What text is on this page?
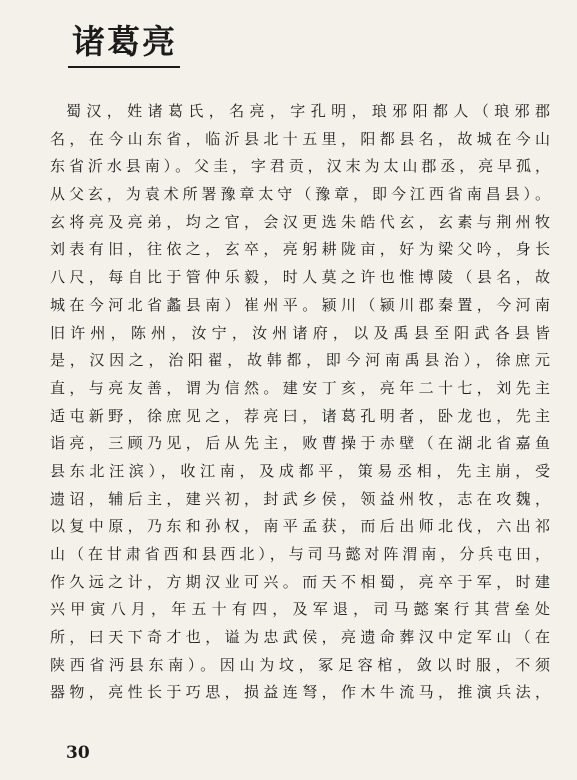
诸葛亮
蜀汉，姓诸葛氏，名亮，字孔明，琅邪阳都人（琅邪郡
名，在今山东省，临沂县北十五里，阳都县名，故城在今山
东省沂水县南）。父圭，字君贡，汉末为太山郡丞，亮早孤，
从父玄，为袁术所署豫章太守（豫章，即今江西省南昌县）。
玄将亮及亮弟，均之官，会汉更选朱皓代玄，玄素与荆州牧
刘表有旧，往依之，玄卒，亮躬耕陇亩，好为梁父吟，身长
八尺，每自比于管仲乐毅，时人莫之许也惟博陵（县名，故
城在今河北省蠡县南）崔州平。颍川（颍川郡秦置，今河南
旧许州，陈州，汝宁，汝州诸府，以及禹县至阳武各县皆
是，汉因之，治阳翟，故韩都，即今河南禹县治），徐庶元
直，与亮友善，谓为信然。建安丁亥，亮年二十七，刘先主
适屯新野，徐庶见之，荐亮曰，诸葛孔明者，卧龙也，先主
诣亮，三顾乃见，后从先主，败曹操于赤壁（在湖北省嘉鱼
县东北汪滨），收江南，及成都平，策易丞相，先主崩，受
遗诏，辅后主，建兴初，封武乡侯，领益州牧，志在攻魏，
以复中原，乃东和孙权，南平孟获，而后出师北伐，六出祁
山（在甘肃省西和县西北），与司马懿对阵渭南，分兵屯田，
作久远之计，方期汉业可兴。而天不相蜀，亮卒于军，时建
兴甲寅八月，年五十有四，及军退，司马懿案行其营垒处
所，曰天下奇才也，谥为忠武侯，亮遗命葬汉中定军山（在
陕西省沔县东南）。因山为坟，冢足容棺，敛以时服，不须
器物，亮性长于巧思，损益连弩，作木牛流马，推演兵法，
30
